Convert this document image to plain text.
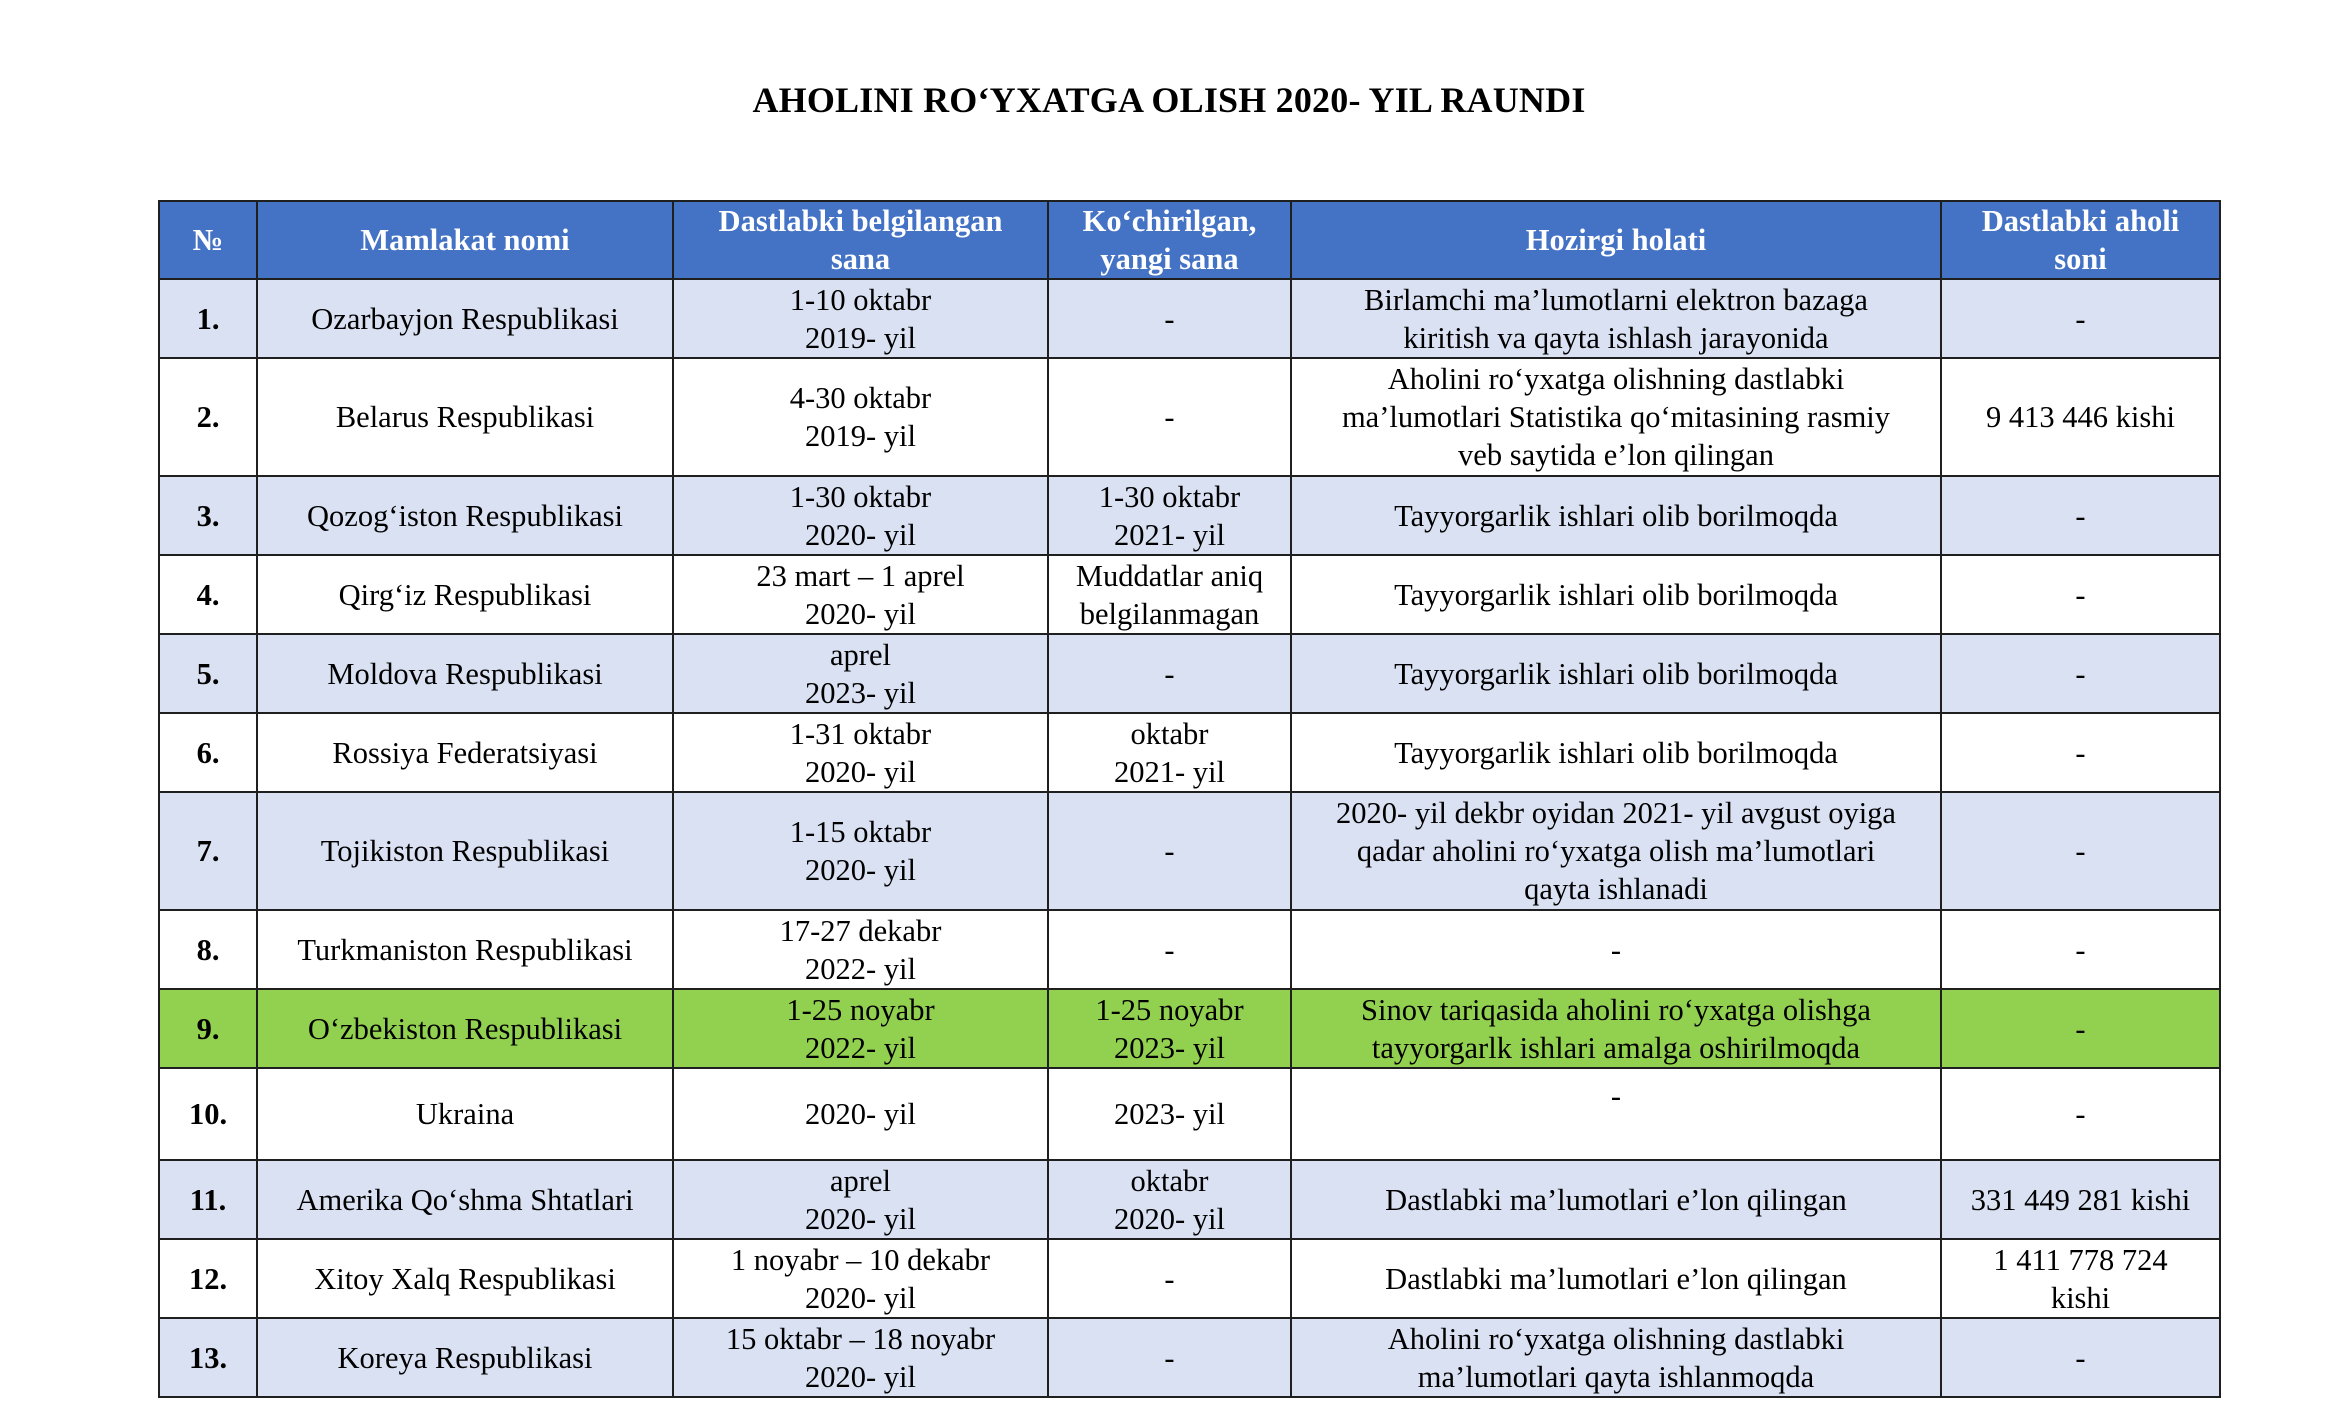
AHOLINI RO‘YXATGA OLISH 2020- YIL RAUNDI
№	Mamlakat nomi	Dastlabki belgilangan
sana	Ko‘chirilgan,
yangi sana	Hozirgi holati	Dastlabki aholi
soni
1.	Ozarbayjon Respublikasi	1-10 oktabr
2019- yil	-	Birlamchi ma’lumotlarni elektron bazaga
kiritish va qayta ishlash jarayonida	-
2.	Belarus Respublikasi	4-30 oktabr
2019- yil	-	Aholini ro‘yxatga olishning dastlabki
ma’lumotlari Statistika qo‘mitasining rasmiy
veb saytida e’lon qilingan	9 413 446 kishi
3.	Qozog‘iston Respublikasi	1-30 oktabr
2020- yil	1-30 oktabr
2021- yil	Tayyorgarlik ishlari olib borilmoqda	-
4.	Qirg‘iz Respublikasi	23 mart – 1 aprel
2020- yil	Muddatlar aniq
belgilanmagan	Tayyorgarlik ishlari olib borilmoqda	-
5.	Moldova Respublikasi	aprel
2023- yil	-	Tayyorgarlik ishlari olib borilmoqda	-
6.	Rossiya Federatsiyasi	1-31 oktabr
2020- yil	oktabr
2021- yil	Tayyorgarlik ishlari olib borilmoqda	-
7.	Tojikiston Respublikasi	1-15 oktabr
2020- yil	-	2020- yil dekbr oyidan 2021- yil avgust oyiga
qadar aholini ro‘yxatga olish ma’lumotlari
qayta ishlanadi	-
8.	Turkmaniston Respublikasi	17-27 dekabr
2022- yil	-	-	-
9.	O‘zbekiston Respublikasi	1-25 noyabr
2022- yil	1-25 noyabr
2023- yil	Sinov tariqasida aholini ro‘yxatga olishga
tayyorgarlk ishlari amalga oshirilmoqda	-
10.	Ukraina	2020- yil	2023- yil	-	-
11.	Amerika Qo‘shma Shtatlari	aprel
2020- yil	oktabr
2020- yil	Dastlabki ma’lumotlari e’lon qilingan	331 449 281 kishi
12.	Xitoy Xalq Respublikasi	1 noyabr – 10 dekabr
2020- yil	-	Dastlabki ma’lumotlari e’lon qilingan	1 411 778 724
kishi
13.	Koreya Respublikasi	15 oktabr – 18 noyabr
2020- yil	-	Aholini ro‘yxatga olishning dastlabki
ma’lumotlari qayta ishlanmoqda	-
